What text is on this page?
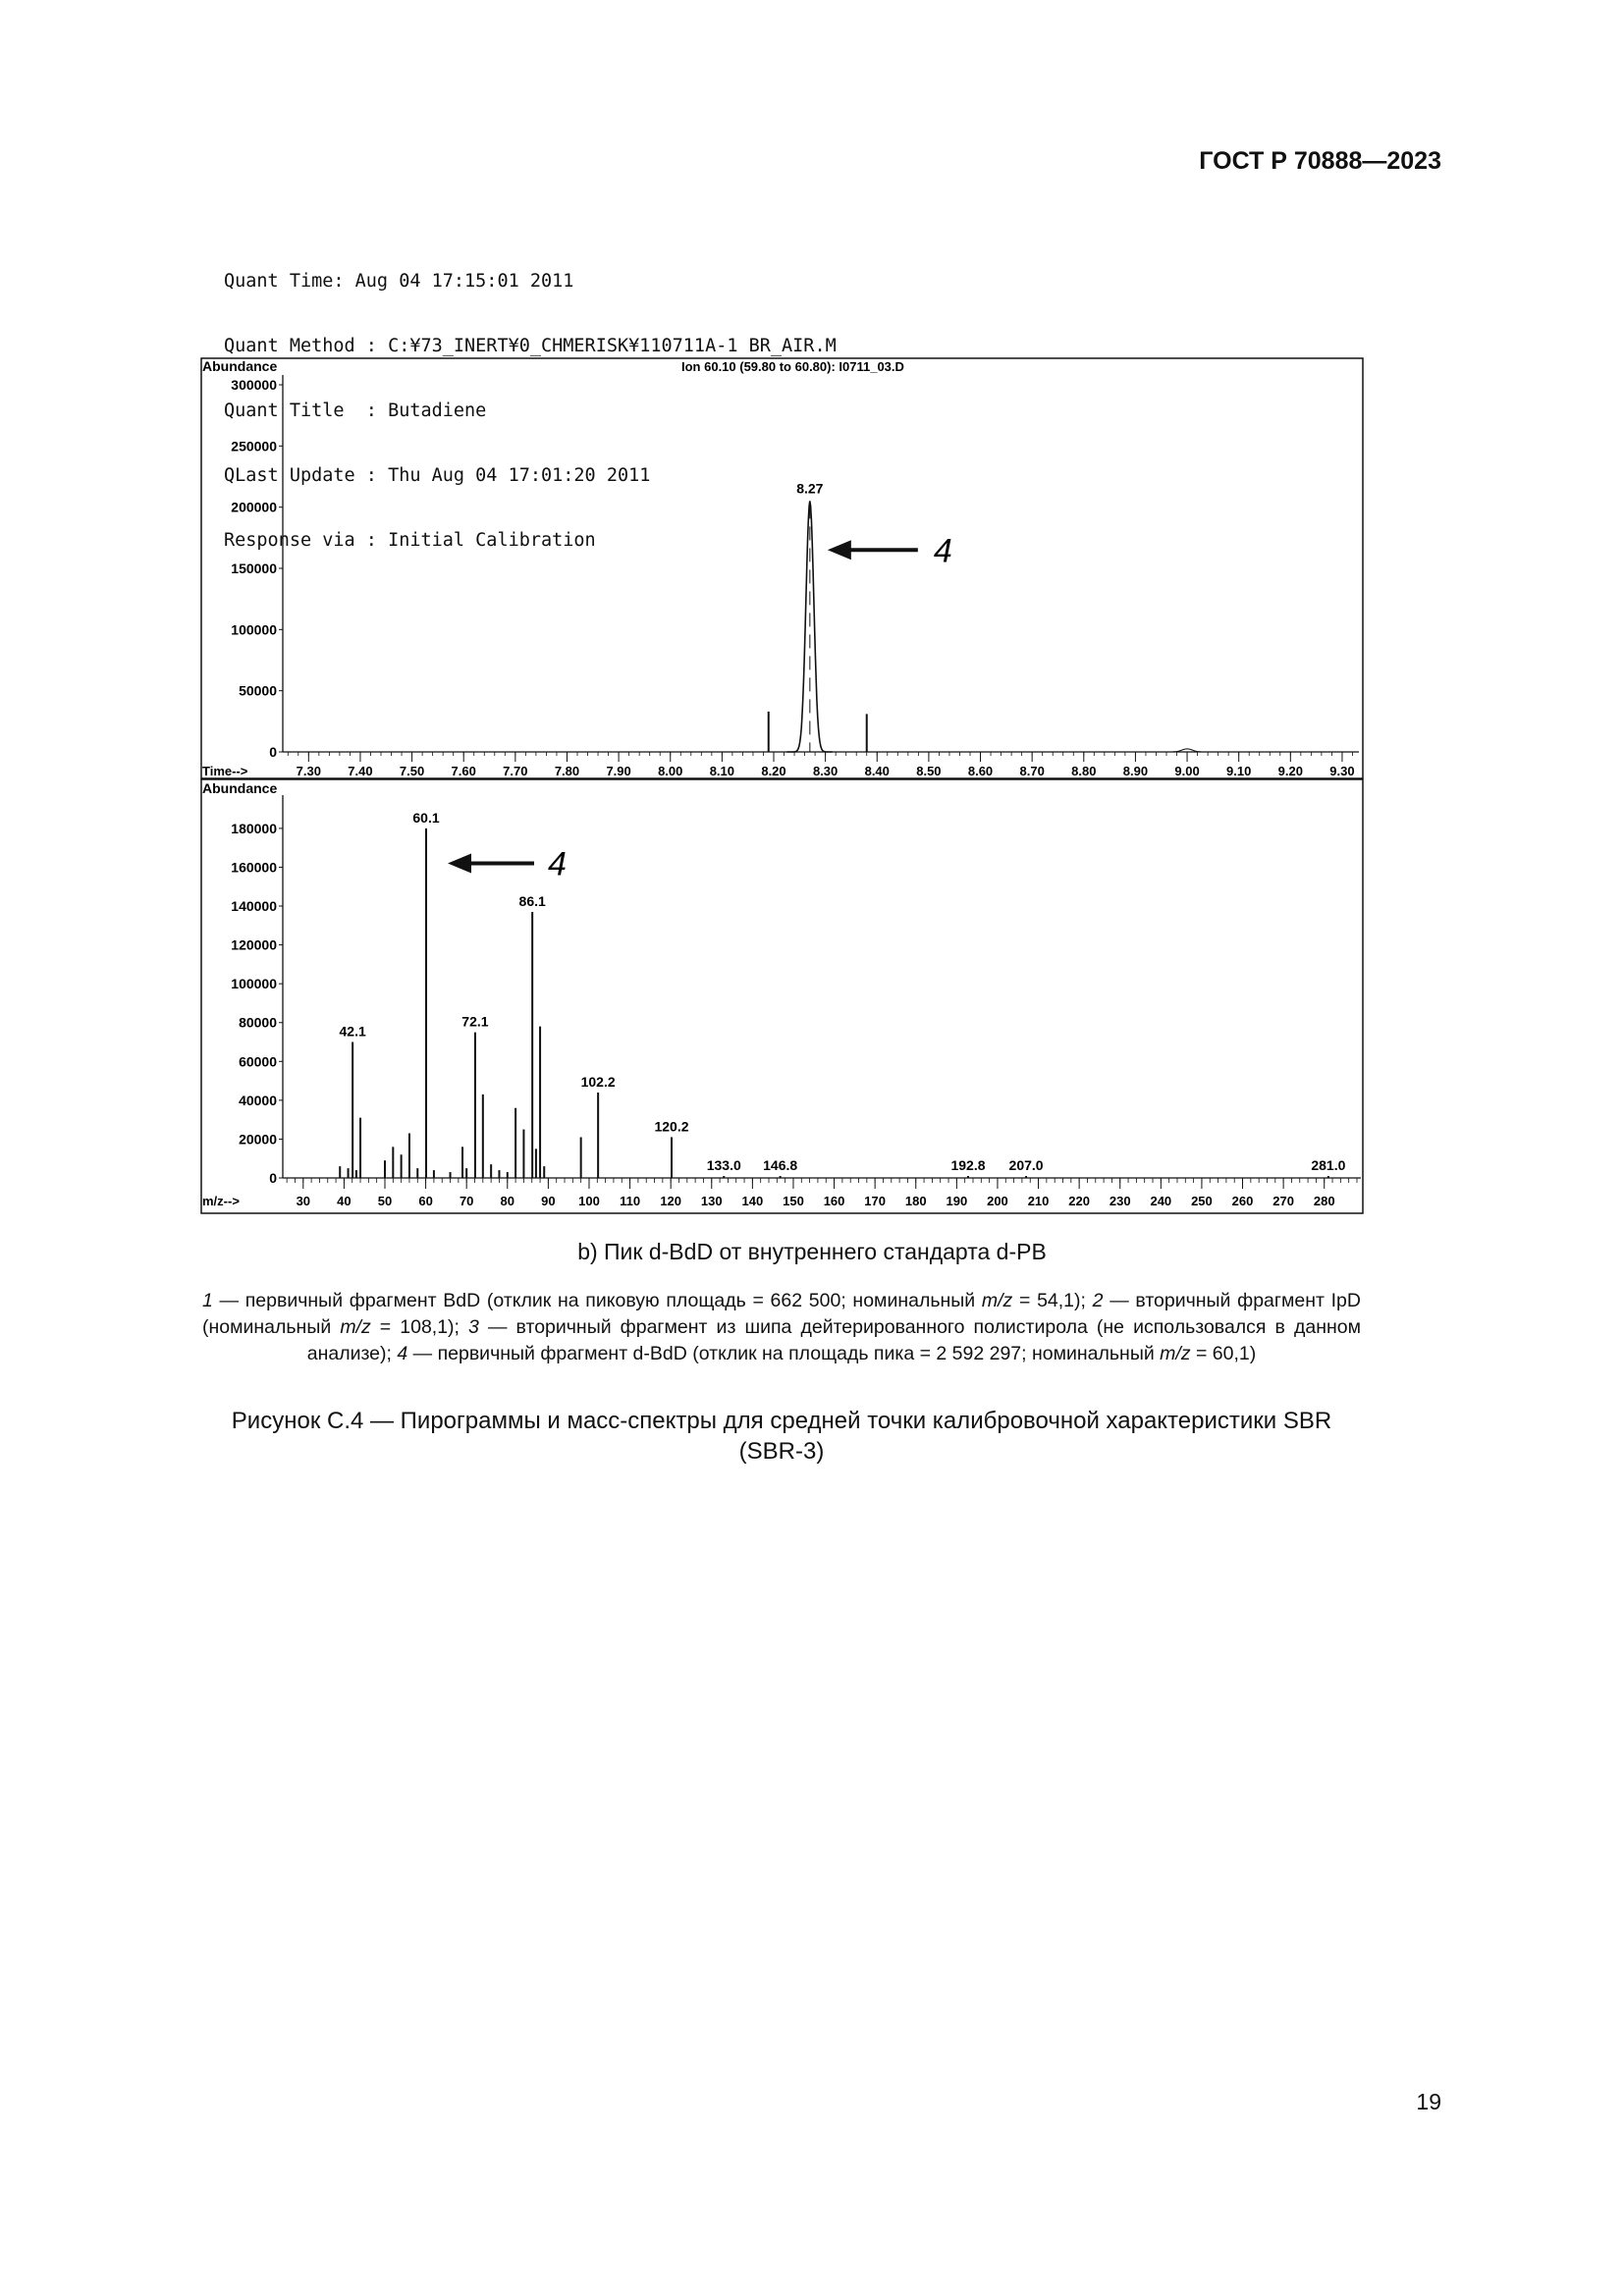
ГОСТ Р 70888—2023

Quant Time: Aug 04 17:15:01 2011

Quant Method : C:¥73_INERT¥0_CHMERISK¥110711A-1 BR_AIR.M

Quant Title  : Butadiene

QLast Update : Thu Aug 04 17:01:20 2011

Response via : Initial Calibration

Abundance	Ion 60.10 (59.80 to 60.80): I0711_03.D
Time-->
300000
250000
200000
150000
100000
50000
0
7.30 7.40 7.50 7.60 7.70 7.80 7.90 8.00 8.10 8.20 8.30 8.40 8.50 8.60 8.70 8.80 8.90 9.00 9.10 9.20 9.30
8.27
4
Abundance
m/z-->
180000
160000
140000
120000
100000
80000
60000
40000
20000
0
30 40 50 60 70 80 90 100 110 120 130 140 150 160 170 180 190 200 210 220 230 240 250 260 270 280
60.1
86.1
42.1
72.1
102.2
120.2
133.0 146.8	192.8 207.0	281.0
4
b) Пик d-BdD от внутреннего стандарта d-PB
1 — первичный фрагмент BdD (отклик на пиковую площадь = 662 500; номинальный m/z = 54,1); 2 — вторичный фрагмент IpD (номинальный m/z = 108,1); 3 — вторичный фрагмент из шипа дейтерированного полистирола (не использовался в данном анализе); 4 — первичный фрагмент d-BdD (отклик на площадь пика = 2 592 297; номинальный m/z = 60,1)
Рисунок С.4 — Пирограммы и масс-спектры для средней точки калибровочной характеристики SBR (SBR-3)
19
